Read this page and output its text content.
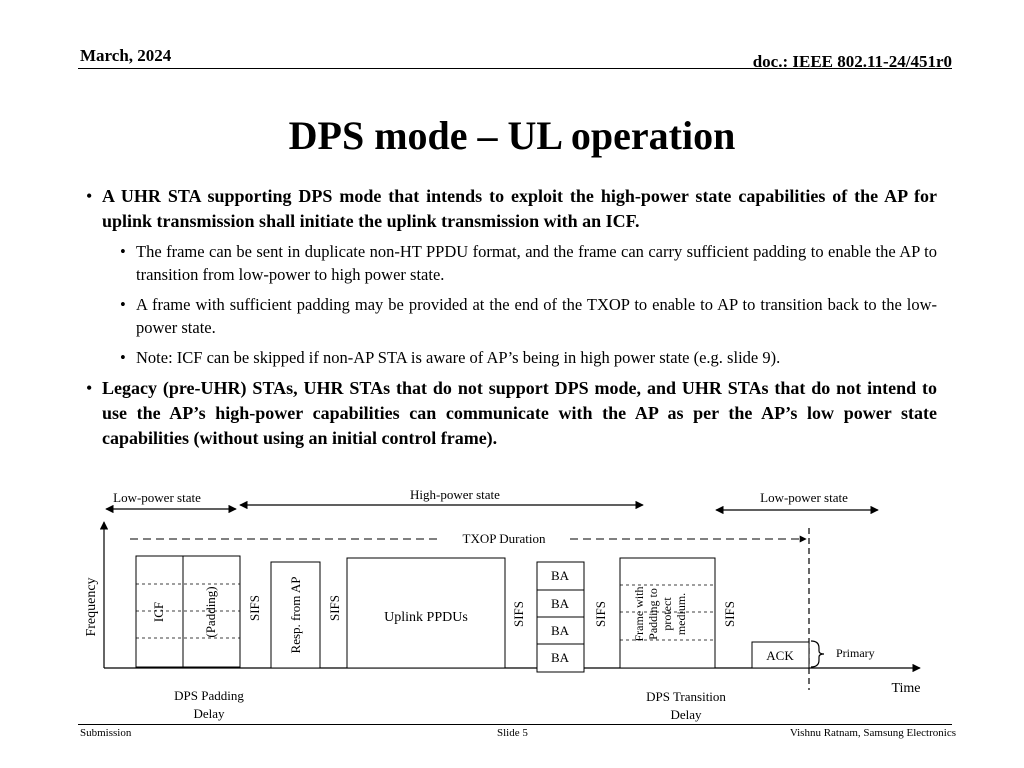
March, 2024	doc.: IEEE 802.11-24/451r0
DPS mode – UL operation
• A UHR STA supporting DPS mode that intends to exploit the high-power state capabilities of the AP for uplink transmission shall initiate the uplink transmission with an ICF.
• The frame can be sent in duplicate non-HT PPDU format, and the frame can carry sufficient padding to enable the AP to transition from low-power to high power state.
• A frame with sufficient padding may be provided at the end of the TXOP to enable to AP to transition back to the low-power state.
• Note: ICF can be skipped if non-AP STA is aware of AP’s being in high power state (e.g. slide 9).
• Legacy (pre-UHR) STAs, UHR STAs that do not support DPS mode, and UHR STAs that do not intend to use the AP’s high-power capabilities can communicate with the AP as per the AP’s low power state capabilities (without using an initial control frame).
Low-power state	High-power state	Low-power state
TXOP Duration
Frequency
Time
ICF	(Padding) SIFS Resp. from AP SIFS	Uplink PPDUs	SIFS
BA
BA
BA
BA
SIFS Frame with Padding to protect medium.	SIFS
ACK	Primary
DPS Padding
Delay
DPS Transition
Delay
Submission	Slide 5	Vishnu Ratnam, Samsung Electronics
